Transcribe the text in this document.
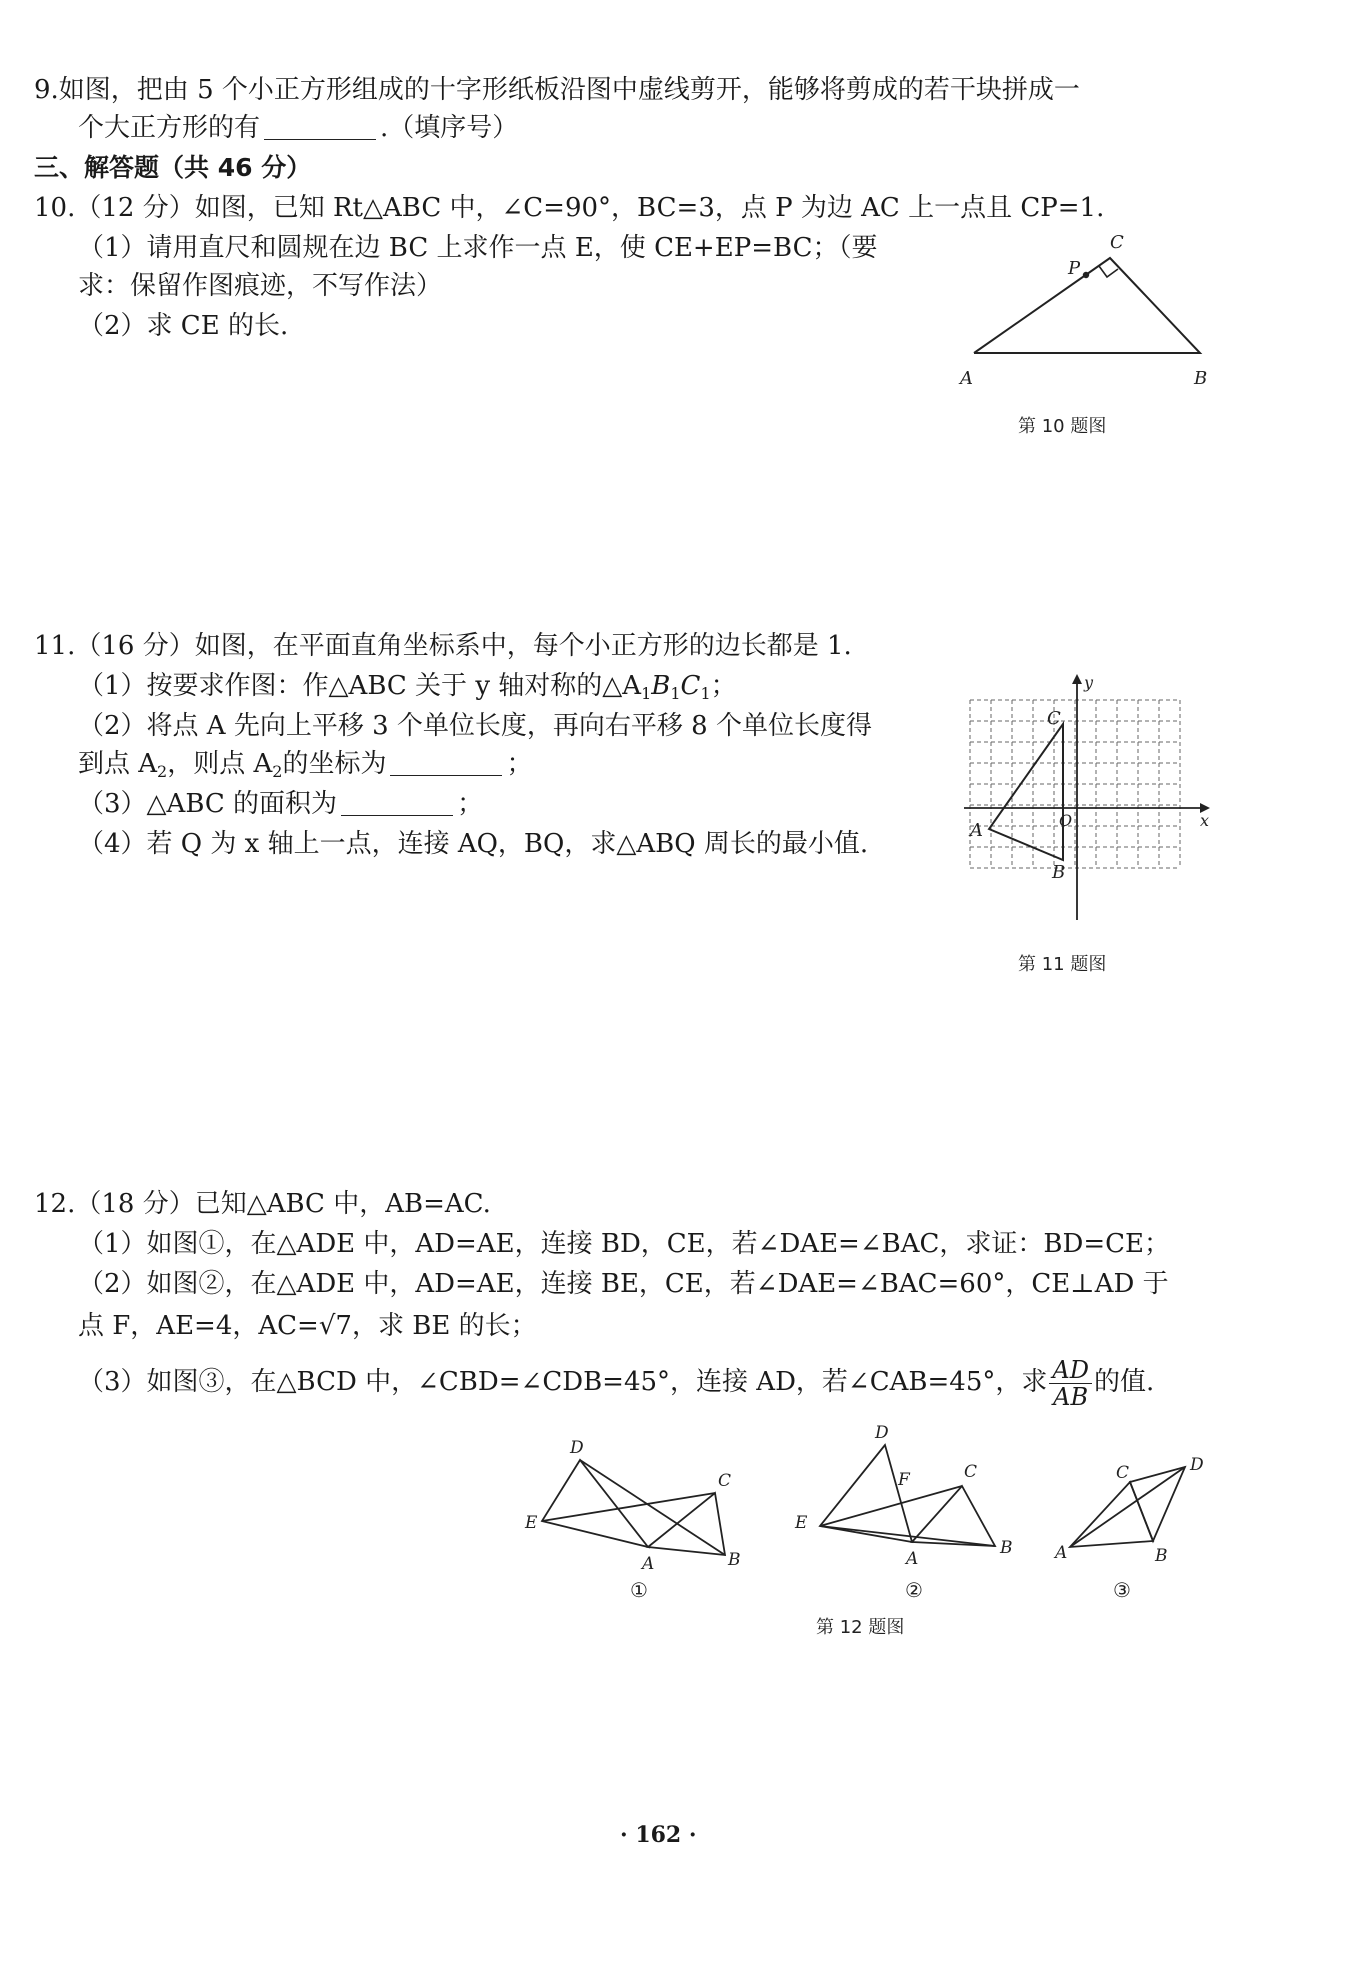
9.如图，把由 5 个小正方形组成的十字形纸板沿图中虚线剪开，能够将剪成的若干块拼成一
个大正方形的有	.（填序号）
三、解答题（共 46 分）
10.（12 分）如图，已知 Rt△ABC 中，∠C=90°，BC=3，点 P 为边 AC 上一点且 CP=1.
（1）请用直尺和圆规在边 BC 上求作一点 E，使 CE+EP=BC；（要
求：保留作图痕迹，不写作法）
（2）求 CE 的长.
A	B
C
P
第 10 题图
11.（16 分）如图，在平面直角坐标系中，每个小正方形的边长都是 1.
（1）按要求作图：作△ABC 关于 y 轴对称的$\triangle A_1B_1C_1$；
（2）将点 A 先向上平移 3 个单位长度，再向右平移 8 个单位长度得
到点 $A_2$，则点 $A_2$的坐标为	；
（3）△ABC 的面积为	；
（4）若 Q 为 x 轴上一点，连接 AQ，BQ，求△ABQ 周长的最小值.	A
B
C
O	x
y
第 11 题图
12.（18 分）已知△ABC 中，AB=AC.
（1）如图①，在△ADE 中，AD=AE，连接 BD，CE，若∠DAE=∠BAC，求证：BD=CE；
（2）如图②，在△ADE 中，AD=AE，连接 BE，CE，若∠DAE=∠BAC=60°，CE⊥AD 于
点 F，AE=4，AC=√7，求 BE 的长；
（3）如图③，在△BCD 中，∠CBD=∠CDB=45°，连接 AD，若∠CAB=45°，求 $\frac{AD}{AB}$ 的值.
D
E
A	B
C
①
D
E
F
A
B
C
②
A	B
C	D
③
第 12 题图
· 162 ·
